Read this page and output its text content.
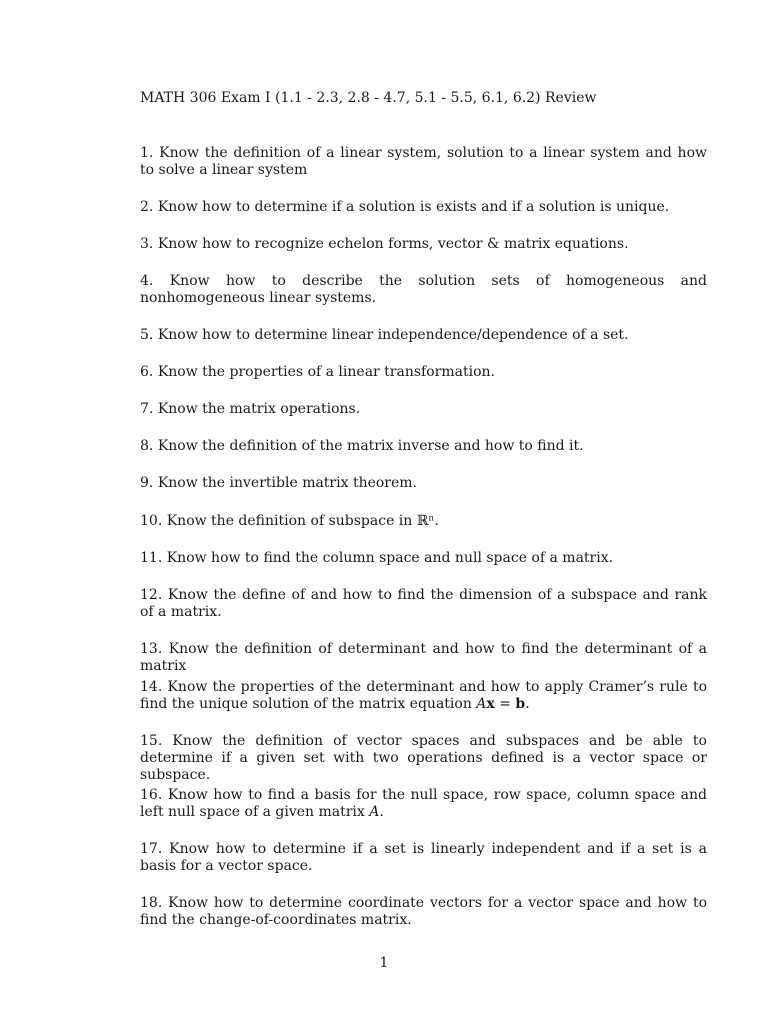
MATH 306 Exam I (1.1 - 2.3, 2.8 - 4.7, 5.1 - 5.5, 6.1, 6.2) Review
1. Know the definition of a linear system, solution to a linear system and how to solve a linear system
2. Know how to determine if a solution is exists and if a solution is unique.
3. Know how to recognize echelon forms, vector & matrix equations.
4. Know how to describe the solution sets of homogeneous and nonhomogeneous linear systems.
5. Know how to determine linear independence/dependence of a set.
6. Know the properties of a linear transformation.
7. Know the matrix operations.
8. Know the definition of the matrix inverse and how to find it.
9. Know the invertible matrix theorem.
10. Know the definition of subspace in ℝⁿ.
11. Know how to find the column space and null space of a matrix.
12. Know the define of and how to find the dimension of a subspace and rank of a matrix.
13. Know the definition of determinant and how to find the determinant of a matrix
14. Know the properties of the determinant and how to apply Cramer’s rule to find the unique solution of the matrix equation Ax = b.
15. Know the definition of vector spaces and subspaces and be able to determine if a given set with two operations defined is a vector space or subspace.
16. Know how to find a basis for the null space, row space, column space and left null space of a given matrix A.
17. Know how to determine if a set is linearly independent and if a set is a basis for a vector space.
18. Know how to determine coordinate vectors for a vector space and how to find the change-of-coordinates matrix.
1
